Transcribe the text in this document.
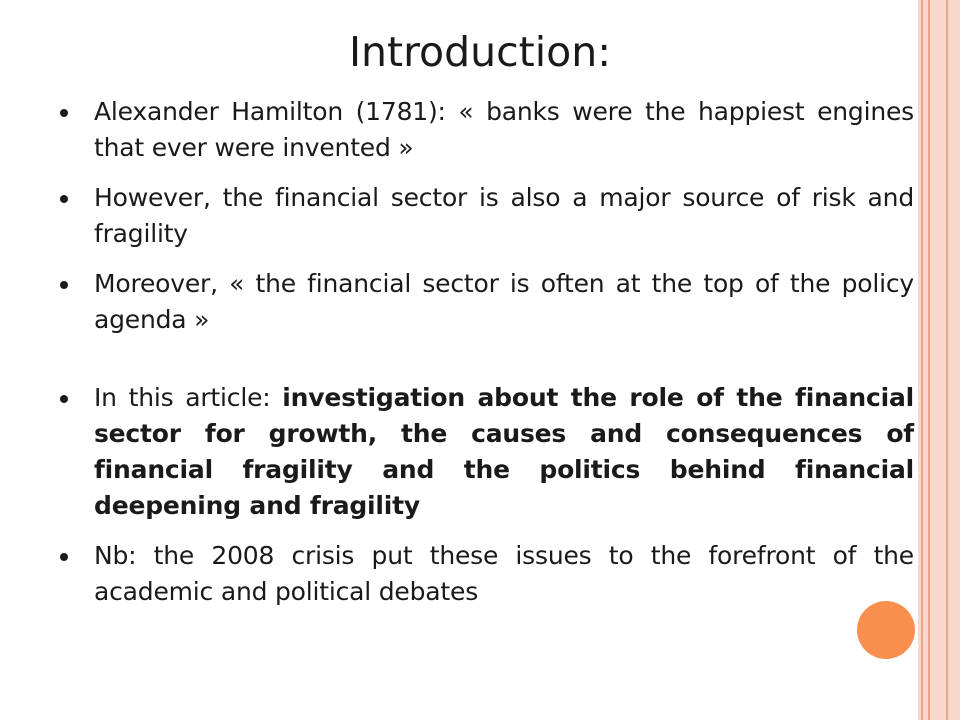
Introduction:
Alexander Hamilton (1781): « banks were the happiest engines that ever were invented »
However, the financial sector is also a major source of risk and fragility
Moreover, « the financial sector is often at the top of the policy agenda »
In this article: investigation about the role of the financial sector for growth, the causes and consequences of financial fragility and the politics behind financial deepening and fragility
Nb: the 2008 crisis put these issues to the forefront of the academic and political debates
